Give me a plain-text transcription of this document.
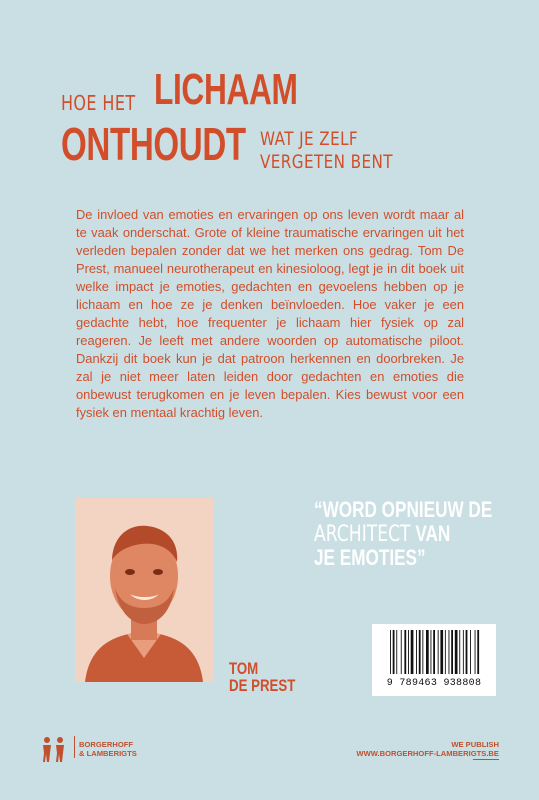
HOE HET LICHAAM
ONTHOUDT WAT JE ZELF
VERGETEN BENT

De invloed van emoties en ervaringen op ons leven wordt maar al te vaak onderschat. Grote of kleine traumatische ervaringen uit het verleden bepalen zonder dat we het merken ons gedrag. Tom De Prest, manueel neurotherapeut en kinesioloog, legt je in dit boek uit welke impact je emoties, gedachten en gevoelens hebben op je lichaam en hoe ze je denken beïnvloeden. Hoe vaker je een gedachte hebt, hoe frequenter je lichaam hier fysiek op zal reageren. Je leeft met andere woorden op automatische piloot. Dankzij dit boek kun je dat patroon herkennen en doorbreken. Je zal je niet meer laten leiden door gedachten en emoties die onbewust terugkomen en je leven bepalen. Kies bewust voor een fysiek en mentaal krachtig leven.

TOM
DE PREST
“WORD OPNIEUW DE
ARCHITECT VAN
JE EMOTIES”
9 789463 938808
BORGERHOFF
& LAMBERIGTS
WE PUBLISH
WWW.BORGERHOFF-LAMBERIGTS.BE
